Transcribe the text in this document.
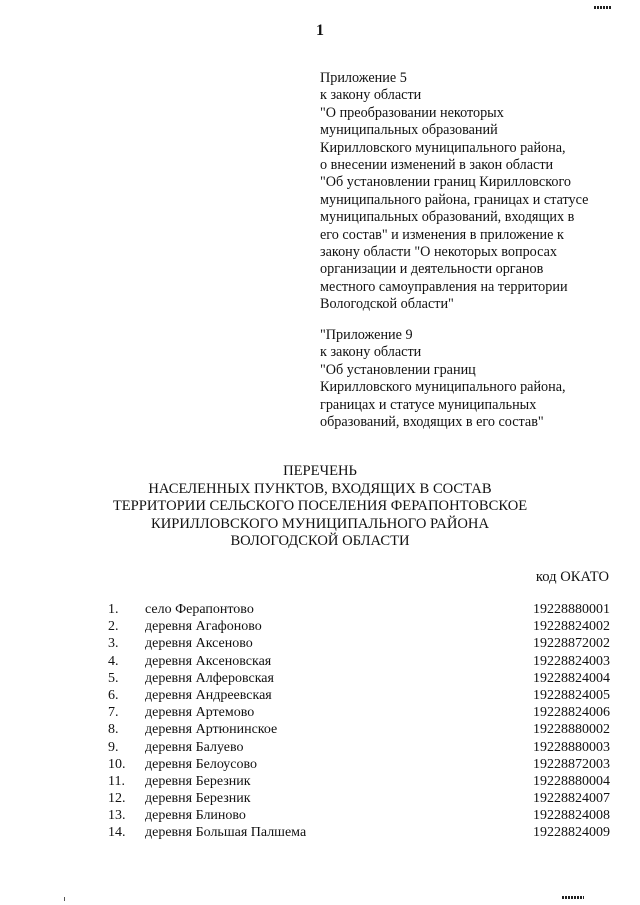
1
Приложение 5
к закону области
"О преобразовании некоторых
муниципальных образований
Кирилловского муниципального района,
о внесении изменений в закон области
"Об установлении границ Кирилловского
муниципального района, границах и статусе
муниципальных образований, входящих в
его состав" и изменения в приложение к
закону области "О некоторых вопросах
организации и деятельности органов
местного самоуправления на территории
Вологодской области"
"Приложение 9
к закону области
"Об установлении границ
Кирилловского муниципального района,
границах и статусе муниципальных
образований, входящих в его состав"
ПЕРЕЧЕНЬ
НАСЕЛЕННЫХ ПУНКТОВ, ВХОДЯЩИХ В СОСТАВ
ТЕРРИТОРИИ СЕЛЬСКОГО ПОСЕЛЕНИЯ ФЕРАПОНТОВСКОЕ
КИРИЛЛОВСКОГО МУНИЦИПАЛЬНОГО РАЙОНА
ВОЛОГОДСКОЙ ОБЛАСТИ
код ОКАТО
1. село Ферапонтово	19228880001
2. деревня Агафоново	19228824002
3. деревня Аксеново	19228872002
4. деревня Аксеновская	19228824003
5. деревня Алферовская	19228824004
6. деревня Андреевская	19228824005
7. деревня Артемово	19228824006
8. деревня Артюнинское	19228880002
9. деревня Балуево	19228880003
10. деревня Белоусово	19228872003
11. деревня Березник	19228880004
12. деревня Березник	19228824007
13. деревня Блиново	19228824008
14. деревня Большая Палшема	19228824009
